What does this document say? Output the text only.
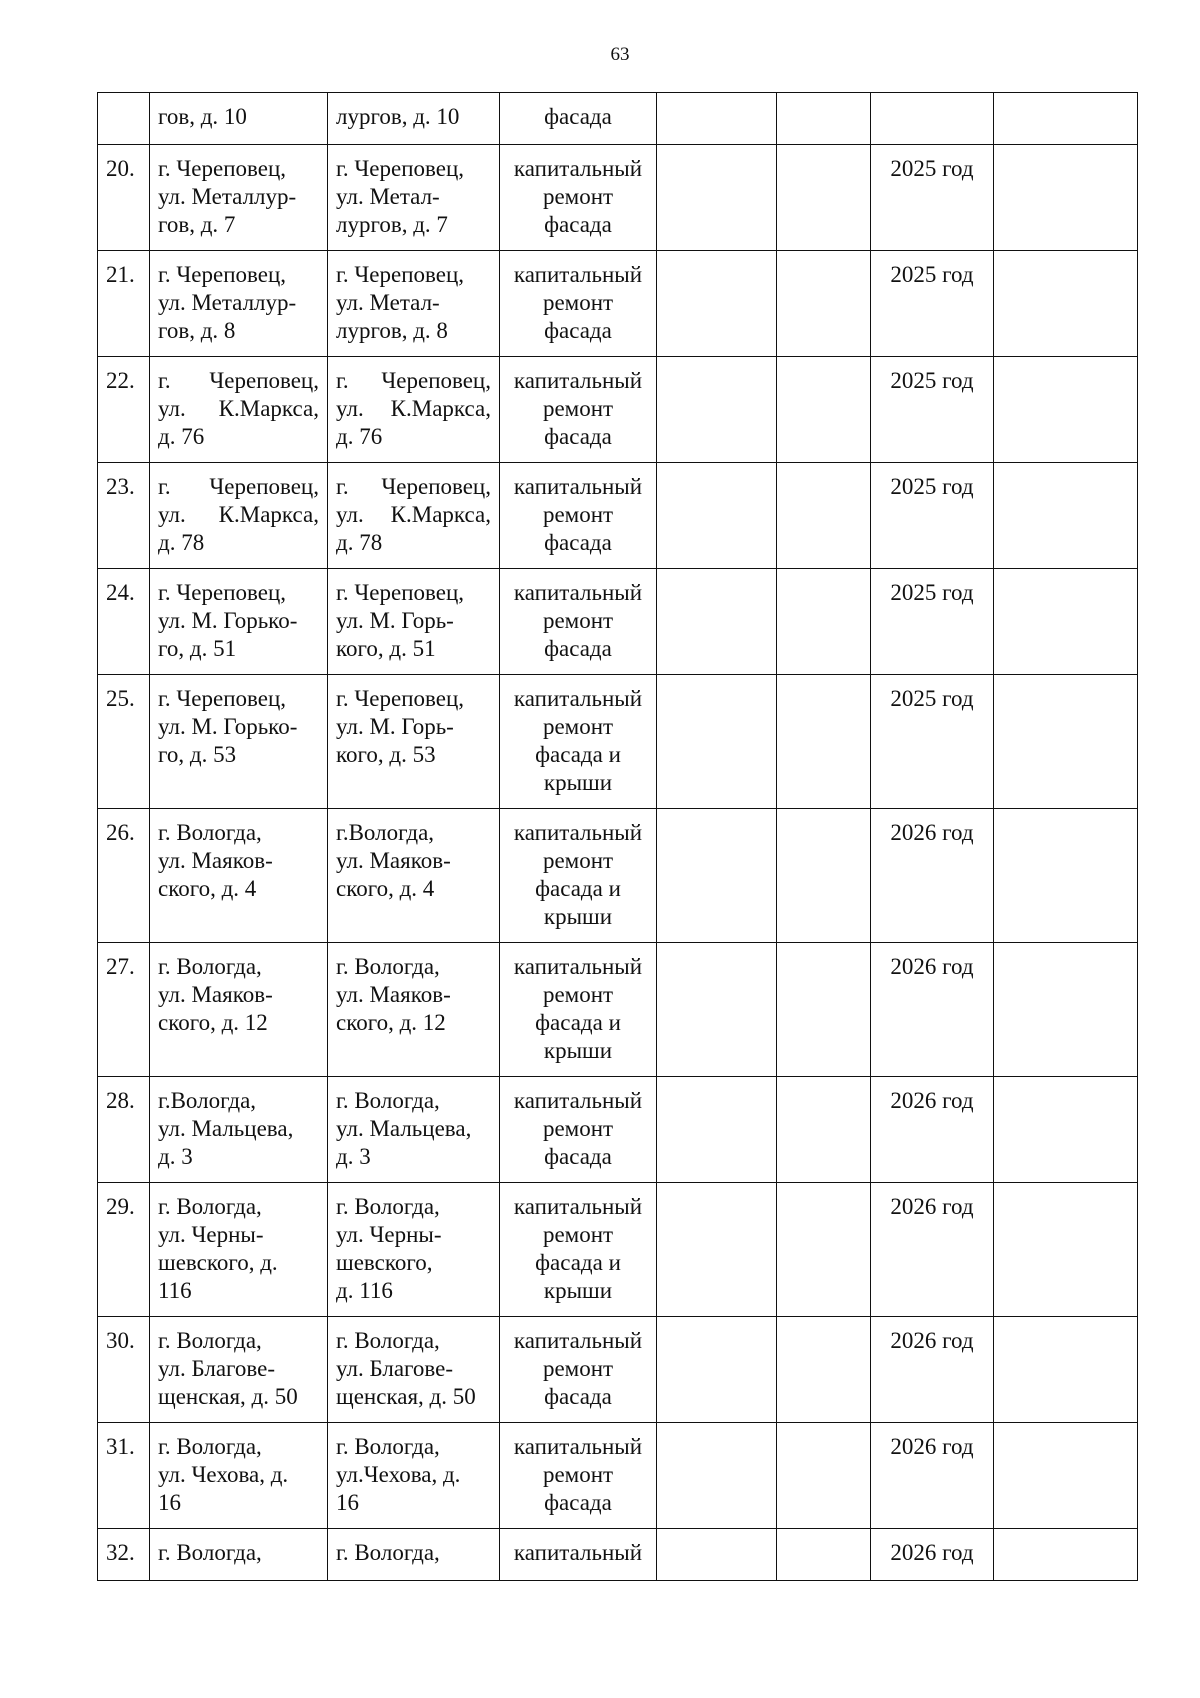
63

	гов, д. 10	лургов, д. 10	фасада				

20.	г. Череповец,
ул. Металлур-
гов, д. 7	г. Череповец,
ул. Метал-
лургов, д. 7	капитальный
ремонт
фасада			2025 год	
21.	г. Череповец,
ул. Металлур-
гов, д. 8	г. Череповец,
ул. Метал-
лургов, д. 8	капитальный
ремонт
фасада			2025 год	
22.	г. Череповец,
ул. К.Маркса,
д. 76	г. Череповец,
ул. К.Маркса,
д. 76	капитальный
ремонт
фасада			2025 год	
23.	г. Череповец,
ул. К.Маркса,
д. 78	г. Череповец,
ул. К.Маркса,
д. 78	капитальный
ремонт
фасада			2025 год	
24.	г. Череповец,
ул. М. Горько-
го, д. 51	г. Череповец,
ул. М. Горь-
кого, д. 51	капитальный
ремонт
фасада			2025 год	
25.	г. Череповец,
ул. М. Горько-
го, д. 53	г. Череповец,
ул. М. Горь-
кого, д. 53	капитальный
ремонт
фасада и
крыши			2025 год	
26.	г. Вологда,
ул. Маяков-
ского, д. 4	г.Вологда,
ул. Маяков-
ского, д. 4	капитальный
ремонт
фасада и
крыши			2026 год	
27.	г. Вологда,
ул. Маяков-
ского, д. 12	г. Вологда,
ул. Маяков-
ского, д. 12	капитальный
ремонт
фасада и
крыши			2026 год	
28.	г.Вологда,
ул. Мальцева,
д. 3	г. Вологда,
ул. Мальцева,
д. 3	капитальный
ремонт
фасада			2026 год	
29.	г. Вологда,
ул. Черны-
шевского, д.
116	г. Вологда,
ул. Черны-
шевского,
д. 116	капитальный
ремонт
фасада и
крыши			2026 год	
30.	г. Вологда,
ул. Благове-
щенская, д. 50	г. Вологда,
ул. Благове-
щенская, д. 50	капитальный
ремонт
фасада			2026 год	
31.	г. Вологда,
ул. Чехова, д.
16	г. Вологда,
ул.Чехова, д.
16	капитальный
ремонт
фасада			2026 год	
32.	г. Вологда,	г. Вологда,	капитальный			2026 год	
